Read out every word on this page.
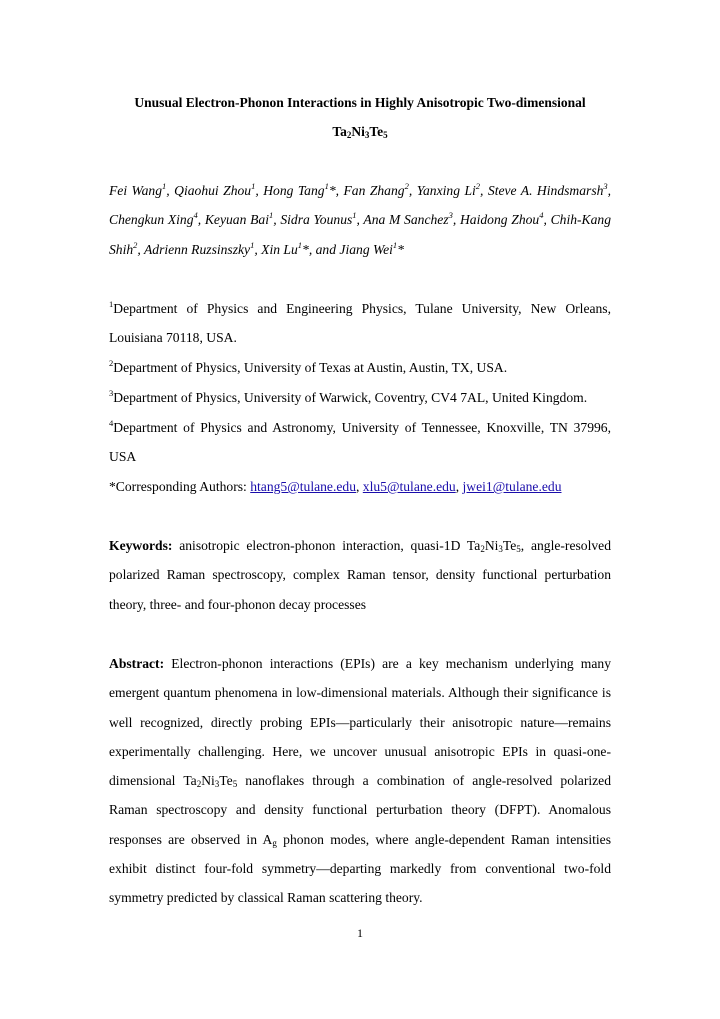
Unusual Electron-Phonon Interactions in Highly Anisotropic Two-dimensional
$Ta_2Ni_3Te_5$
Fei Wang$^1$, Qiaohui Zhou$^1$, Hong Tang$^1$*, Fan Zhang$^2$, Yanxing Li$^2$, Steve A. Hindsmarsh$^3$, Chengkun Xing$^4$, Keyuan Bai$^1$, Sidra Younus$^1$, Ana M Sanchez$^3$, Haidong Zhou$^4$, Chih-Kang Shih$^2$, Adrienn Ruzsinszky$^1$, Xin Lu$^1$*, and Jiang Wei$^1$*
$^1$Department of Physics and Engineering Physics, Tulane University, New Orleans, Louisiana 70118, USA.
$^2$Department of Physics, University of Texas at Austin, Austin, TX, USA.
$^3$Department of Physics, University of Warwick, Coventry, CV4 7AL, United Kingdom.
$^4$Department of Physics and Astronomy, University of Tennessee, Knoxville, TN 37996, USA
*Corresponding Authors: htang5@tulane.edu, xlu5@tulane.edu, jwei1@tulane.edu
Keywords: anisotropic electron-phonon interaction, quasi-1D $Ta_2Ni_3Te_5$, angle-resolved polarized Raman spectroscopy, complex Raman tensor, density functional perturbation theory, three- and four-phonon decay processes
Abstract: Electron-phonon interactions (EPIs) are a key mechanism underlying many emergent quantum phenomena in low-dimensional materials. Although their significance is well recognized, directly probing EPIs—particularly their anisotropic nature—remains experimentally challenging. Here, we uncover unusual anisotropic EPIs in quasi-one-dimensional $Ta_2Ni_3Te_5$ nanoflakes through a combination of angle-resolved polarized Raman spectroscopy and density functional perturbation theory (DFPT). Anomalous responses are observed in $A_g$ phonon modes, where angle-dependent Raman intensities exhibit distinct four-fold symmetry—departing markedly from conventional two-fold symmetry predicted by classical Raman scattering theory.
1
